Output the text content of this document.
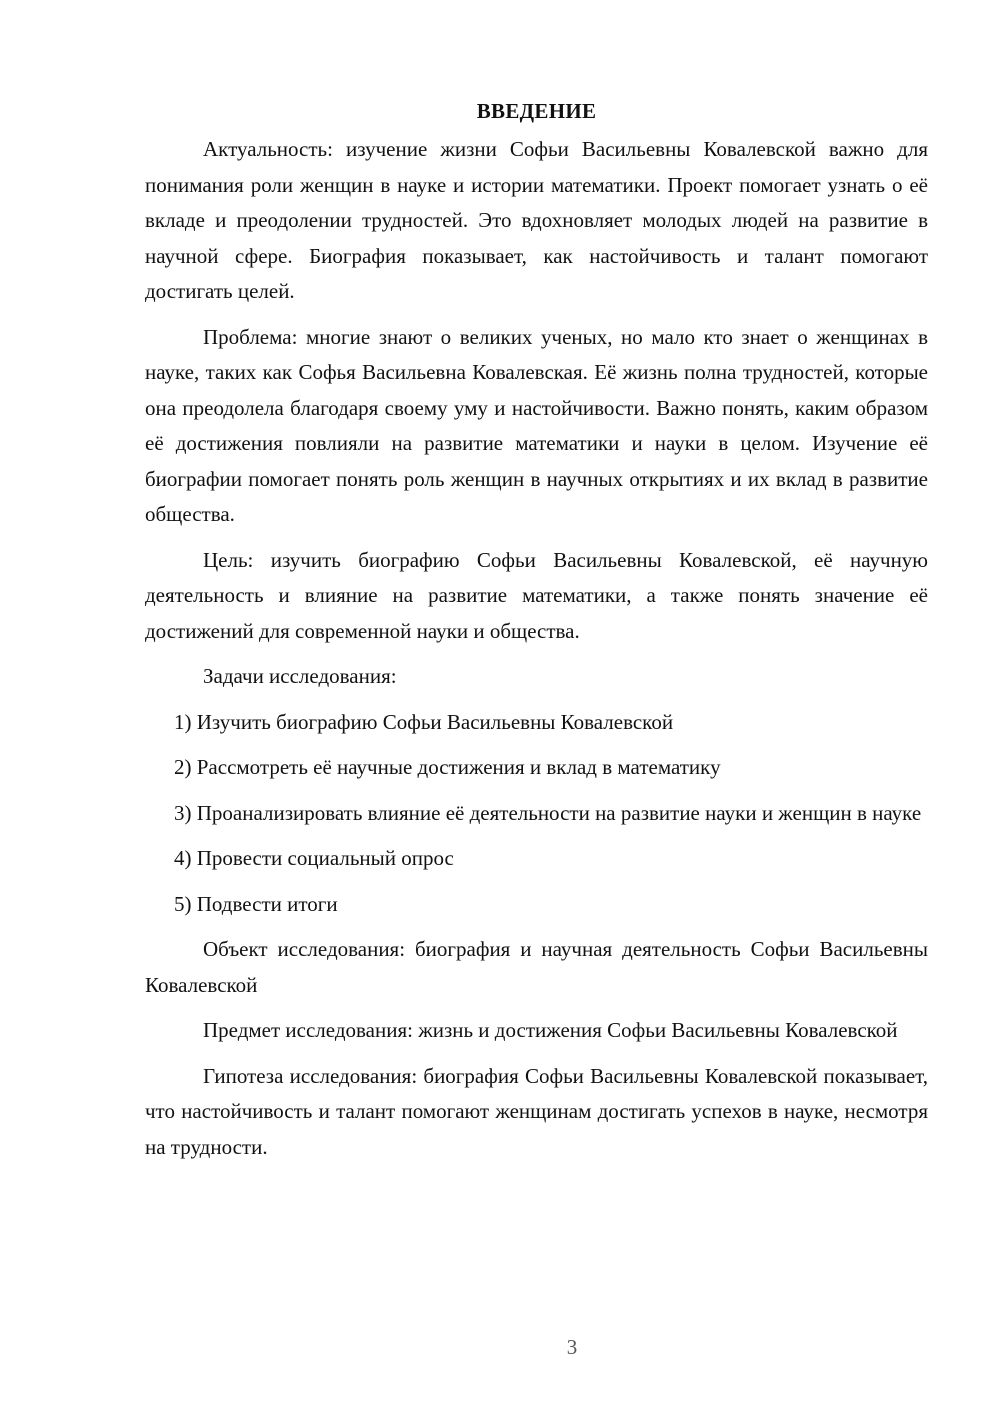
ВВЕДЕНИЕ

Актуальность: изучение жизни Софьи Васильевны Ковалевской важно для понимания роли женщин в науке и истории математики. Проект помогает узнать о её вкладе и преодолении трудностей. Это вдохновляет молодых людей на развитие в научной сфере. Биография показывает, как настойчивость и талант помогают достигать целей.

Проблема: многие знают о великих ученых, но мало кто знает о женщинах в науке, таких как Софья Васильевна Ковалевская. Её жизнь полна трудностей, которые она преодолела благодаря своему уму и настойчивости. Важно понять, каким образом её достижения повлияли на развитие математики и науки в целом. Изучение её биографии помогает понять роль женщин в научных открытиях и их вклад в развитие общества.

Цель: изучить биографию Софьи Васильевны Ковалевской, её научную деятельность и влияние на развитие математики, а также понять значение её достижений для современной науки и общества.

Задачи исследования:

1) Изучить биографию Софьи Васильевны Ковалевской

2) Рассмотреть её научные достижения и вклад в математику

3) Проанализировать влияние её деятельности на развитие науки и женщин в науке

4) Провести социальный опрос

5) Подвести итоги

Объект исследования: биография и научная деятельность Софьи Васильевны Ковалевской

Предмет исследования: жизнь и достижения Софьи Васильевны Ковалевской

Гипотеза исследования: биография Софьи Васильевны Ковалевской показывает, что настойчивость и талант помогают женщинам достигать успехов в науке, несмотря на трудности.

3
